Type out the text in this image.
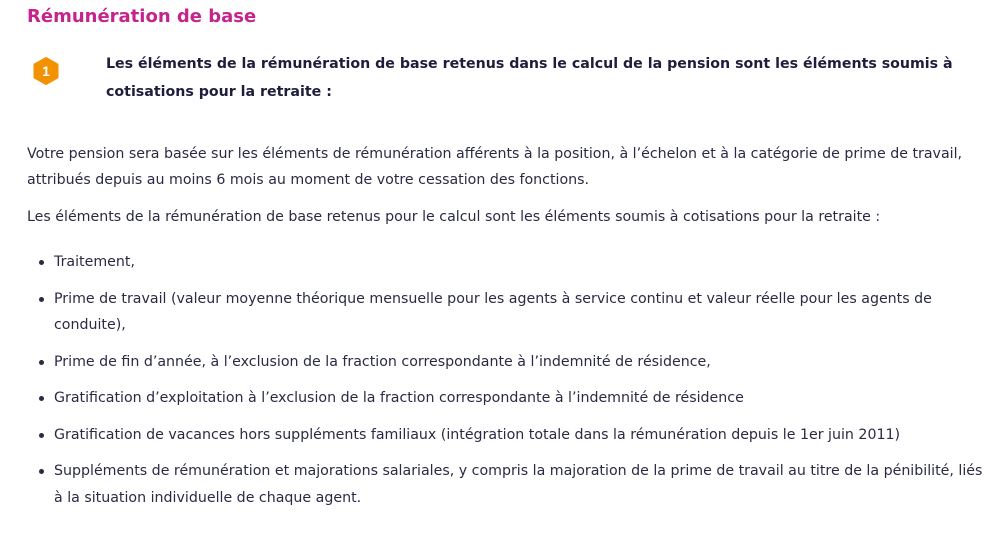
Rémunération de base
1	Les éléments de la rémunération de base retenus dans le calcul de la pension sont les éléments soumis à cotisations pour la retraite :
Votre pension sera basée sur les éléments de rémunération afférents à la position, à l’échelon et à la catégorie de prime de travail, attribués depuis au moins 6 mois au moment de votre cessation des fonctions.
Les éléments de la rémunération de base retenus pour le calcul sont les éléments soumis à cotisations pour la retraite :
Traitement,
Prime de travail (valeur moyenne théorique mensuelle pour les agents à service continu et valeur réelle pour les agents de conduite),
Prime de fin d’année, à l’exclusion de la fraction correspondante à l’indemnité de résidence,
Gratification d’exploitation à l’exclusion de la fraction correspondante à l’indemnité de résidence
Gratification de vacances hors suppléments familiaux (intégration totale dans la rémunération depuis le 1er juin 2011)
Suppléments de rémunération et majorations salariales, y compris la majoration de la prime de travail au titre de la pénibilité, liés à la situation individuelle de chaque agent.
